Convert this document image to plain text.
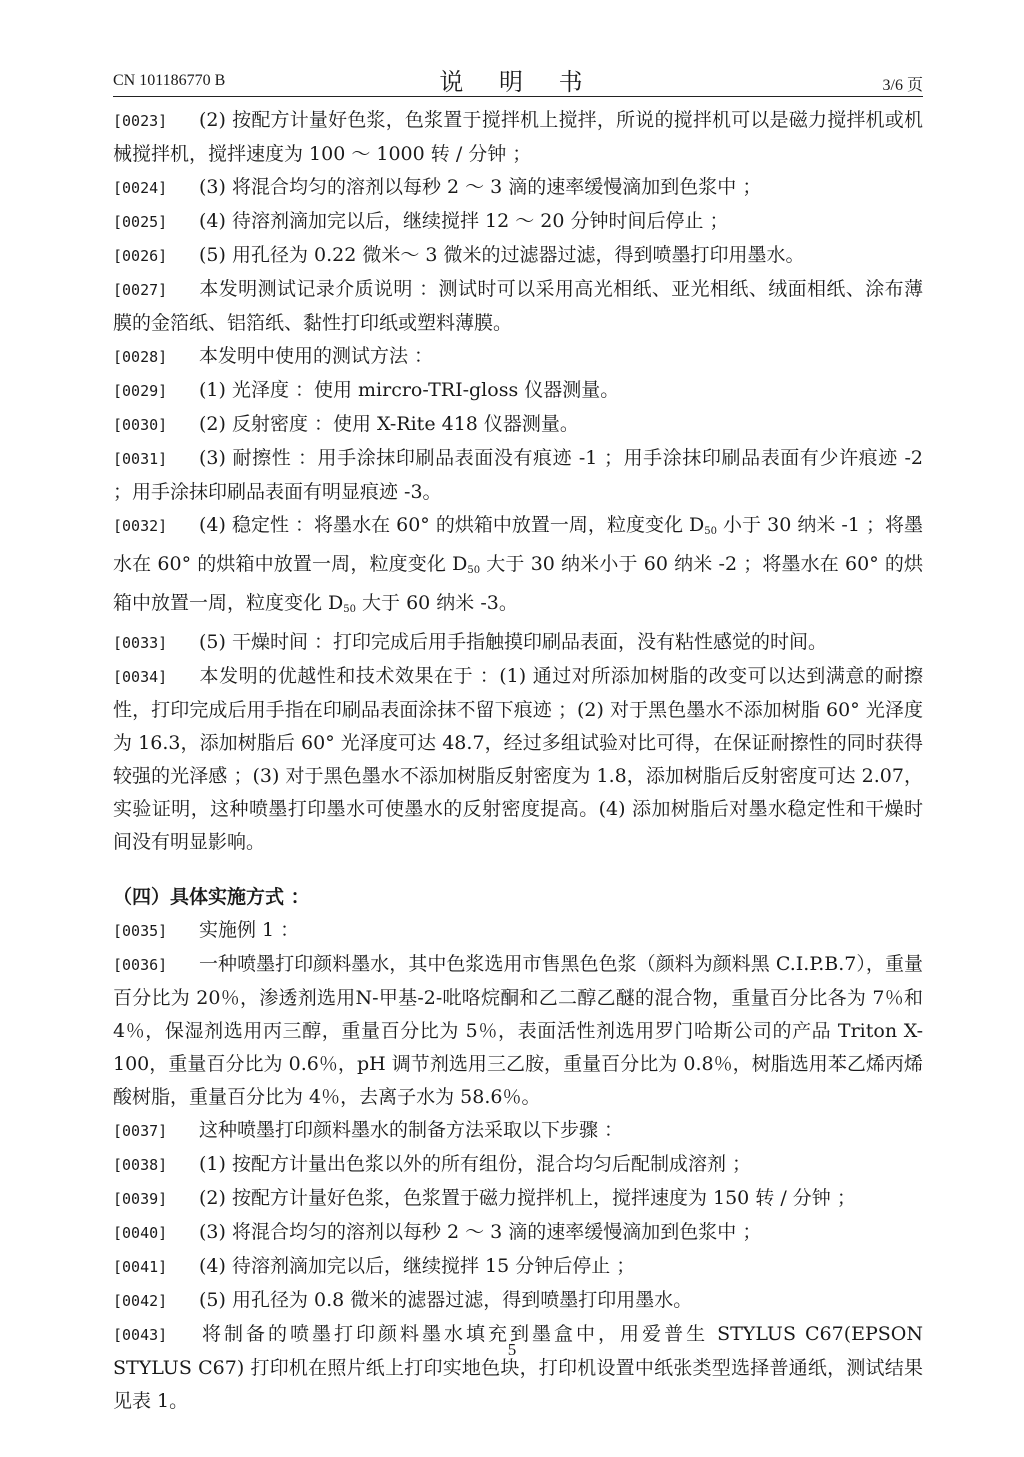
CN 101186770 B	说 明 书	3/6 页

[0023] (2) 按配方计量好色浆，色浆置于搅拌机上搅拌，所说的搅拌机可以是磁力搅拌机或机械搅拌机，搅拌速度为 100 ～ 1000 转 / 分钟 ；

[0024] (3) 将混合均匀的溶剂以每秒 2 ～ 3 滴的速率缓慢滴加到色浆中 ；

[0025] (4) 待溶剂滴加完以后，继续搅拌 12 ～ 20 分钟时间后停止 ；

[0026] (5) 用孔径为 0.22 微米～ 3 微米的过滤器过滤，得到喷墨打印用墨水。

[0027] 本发明测试记录介质说明 ：测试时可以采用高光相纸、亚光相纸、绒面相纸、涂布薄膜的金箔纸、铝箔纸、黏性打印纸或塑料薄膜。

[0028] 本发明中使用的测试方法 ：

[0029] (1) 光泽度 ：使用 mircro-TRI-gloss 仪器测量。

[0030] (2) 反射密度 ：使用 X-Rite 418 仪器测量。

[0031] (3) 耐擦性 ：用手涂抹印刷品表面没有痕迹 -1 ；用手涂抹印刷品表面有少许痕迹 -2 ；用手涂抹印刷品表面有明显痕迹 -3。

[0032] (4) 稳定性 ：将墨水在 60° 的烘箱中放置一周，粒度变化 $D_{50}$ 小于 30 纳米 -1 ；将墨水在 60° 的烘箱中放置一周，粒度变化 $D_{50}$ 大于 30 纳米小于 60 纳米 -2 ；将墨水在 60° 的烘箱中放置一周，粒度变化 $D_{50}$ 大于 60 纳米 -3。

[0033] (5) 干燥时间 ：打印完成后用手指触摸印刷品表面，没有粘性感觉的时间。

[0034] 本发明的优越性和技术效果在于 ：(1) 通过对所添加树脂的改变可以达到满意的耐擦性，打印完成后用手指在印刷品表面涂抹不留下痕迹 ；(2) 对于黑色墨水不添加树脂 60° 光泽度为 16.3，添加树脂后 60° 光泽度可达 48.7，经过多组试验对比可得，在保证耐擦性的同时获得较强的光泽感 ；(3) 对于黑色墨水不添加树脂反射密度为 1.8，添加树脂后反射密度可达 2.07，实验证明，这种喷墨打印墨水可使墨水的反射密度提高。(4) 添加树脂后对墨水稳定性和干燥时间没有明显影响。

（四）具体实施方式 ：

[0035] 实施例 1 ：

[0036] 一种喷墨打印颜料墨水，其中色浆选用市售黑色色浆（颜料为颜料黑 C.I.P.B.7），重量百分比为 20％，渗透剂选用N-甲基-2-吡咯烷酮和乙二醇乙醚的混合物，重量百分比各为 7％和 4％，保湿剂选用丙三醇，重量百分比为 5％，表面活性剂选用罗门哈斯公司的产品 Triton X-100，重量百分比为 0.6％，pH 调节剂选用三乙胺，重量百分比为 0.8％，树脂选用苯乙烯丙烯酸树脂，重量百分比为 4％，去离子水为 58.6％。

[0037] 这种喷墨打印颜料墨水的制备方法采取以下步骤 ：

[0038] (1) 按配方计量出色浆以外的所有组份，混合均匀后配制成溶剂 ；

[0039] (2) 按配方计量好色浆，色浆置于磁力搅拌机上，搅拌速度为 150 转 / 分钟 ；

[0040] (3) 将混合均匀的溶剂以每秒 2 ～ 3 滴的速率缓慢滴加到色浆中 ；

[0041] (4) 待溶剂滴加完以后，继续搅拌 15 分钟后停止 ；

[0042] (5) 用孔径为 0.8 微米的滤器过滤，得到喷墨打印用墨水。

[0043] 将制备的喷墨打印颜料墨水填充到墨盒中，用爱普生 STYLUS C67(EPSON STYLUS C67) 打印机在照片纸上打印实地色块，打印机设置中纸张类型选择普通纸，测试结果见表 1。

5
